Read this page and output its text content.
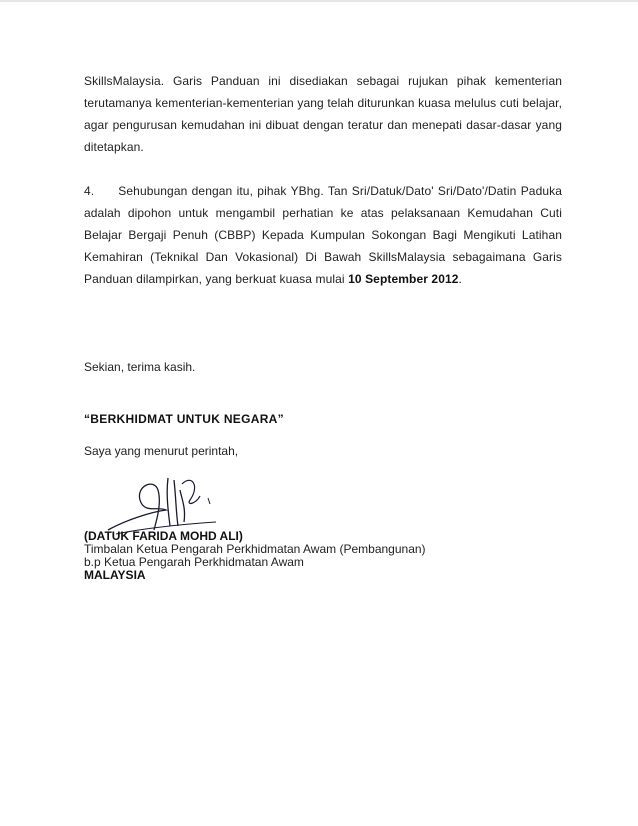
SkillsMalaysia. Garis Panduan ini disediakan sebagai rujukan pihak kementerian terutamanya kementerian-kementerian yang telah diturunkan kuasa melulus cuti belajar, agar pengurusan kemudahan ini dibuat dengan teratur dan menepati dasar-dasar yang ditetapkan.

4. Sehubungan dengan itu, pihak YBhg. Tan Sri/Datuk/Dato' Sri/Dato'/Datin Paduka adalah dipohon untuk mengambil perhatian ke atas pelaksanaan Kemudahan Cuti Belajar Bergaji Penuh (CBBP) Kepada Kumpulan Sokongan Bagi Mengikuti Latihan Kemahiran (Teknikal Dan Vokasional) Di Bawah SkillsMalaysia sebagaimana Garis Panduan dilampirkan, yang berkuat kuasa mulai 10 September 2012.

Sekian, terima kasih.
“BERKHIDMAT UNTUK NEGARA”
Saya yang menurut perintah,
(DATUK FARIDA MOHD ALI)
Timbalan Ketua Pengarah Perkhidmatan Awam (Pembangunan)
b.p Ketua Pengarah Perkhidmatan Awam
MALAYSIA
